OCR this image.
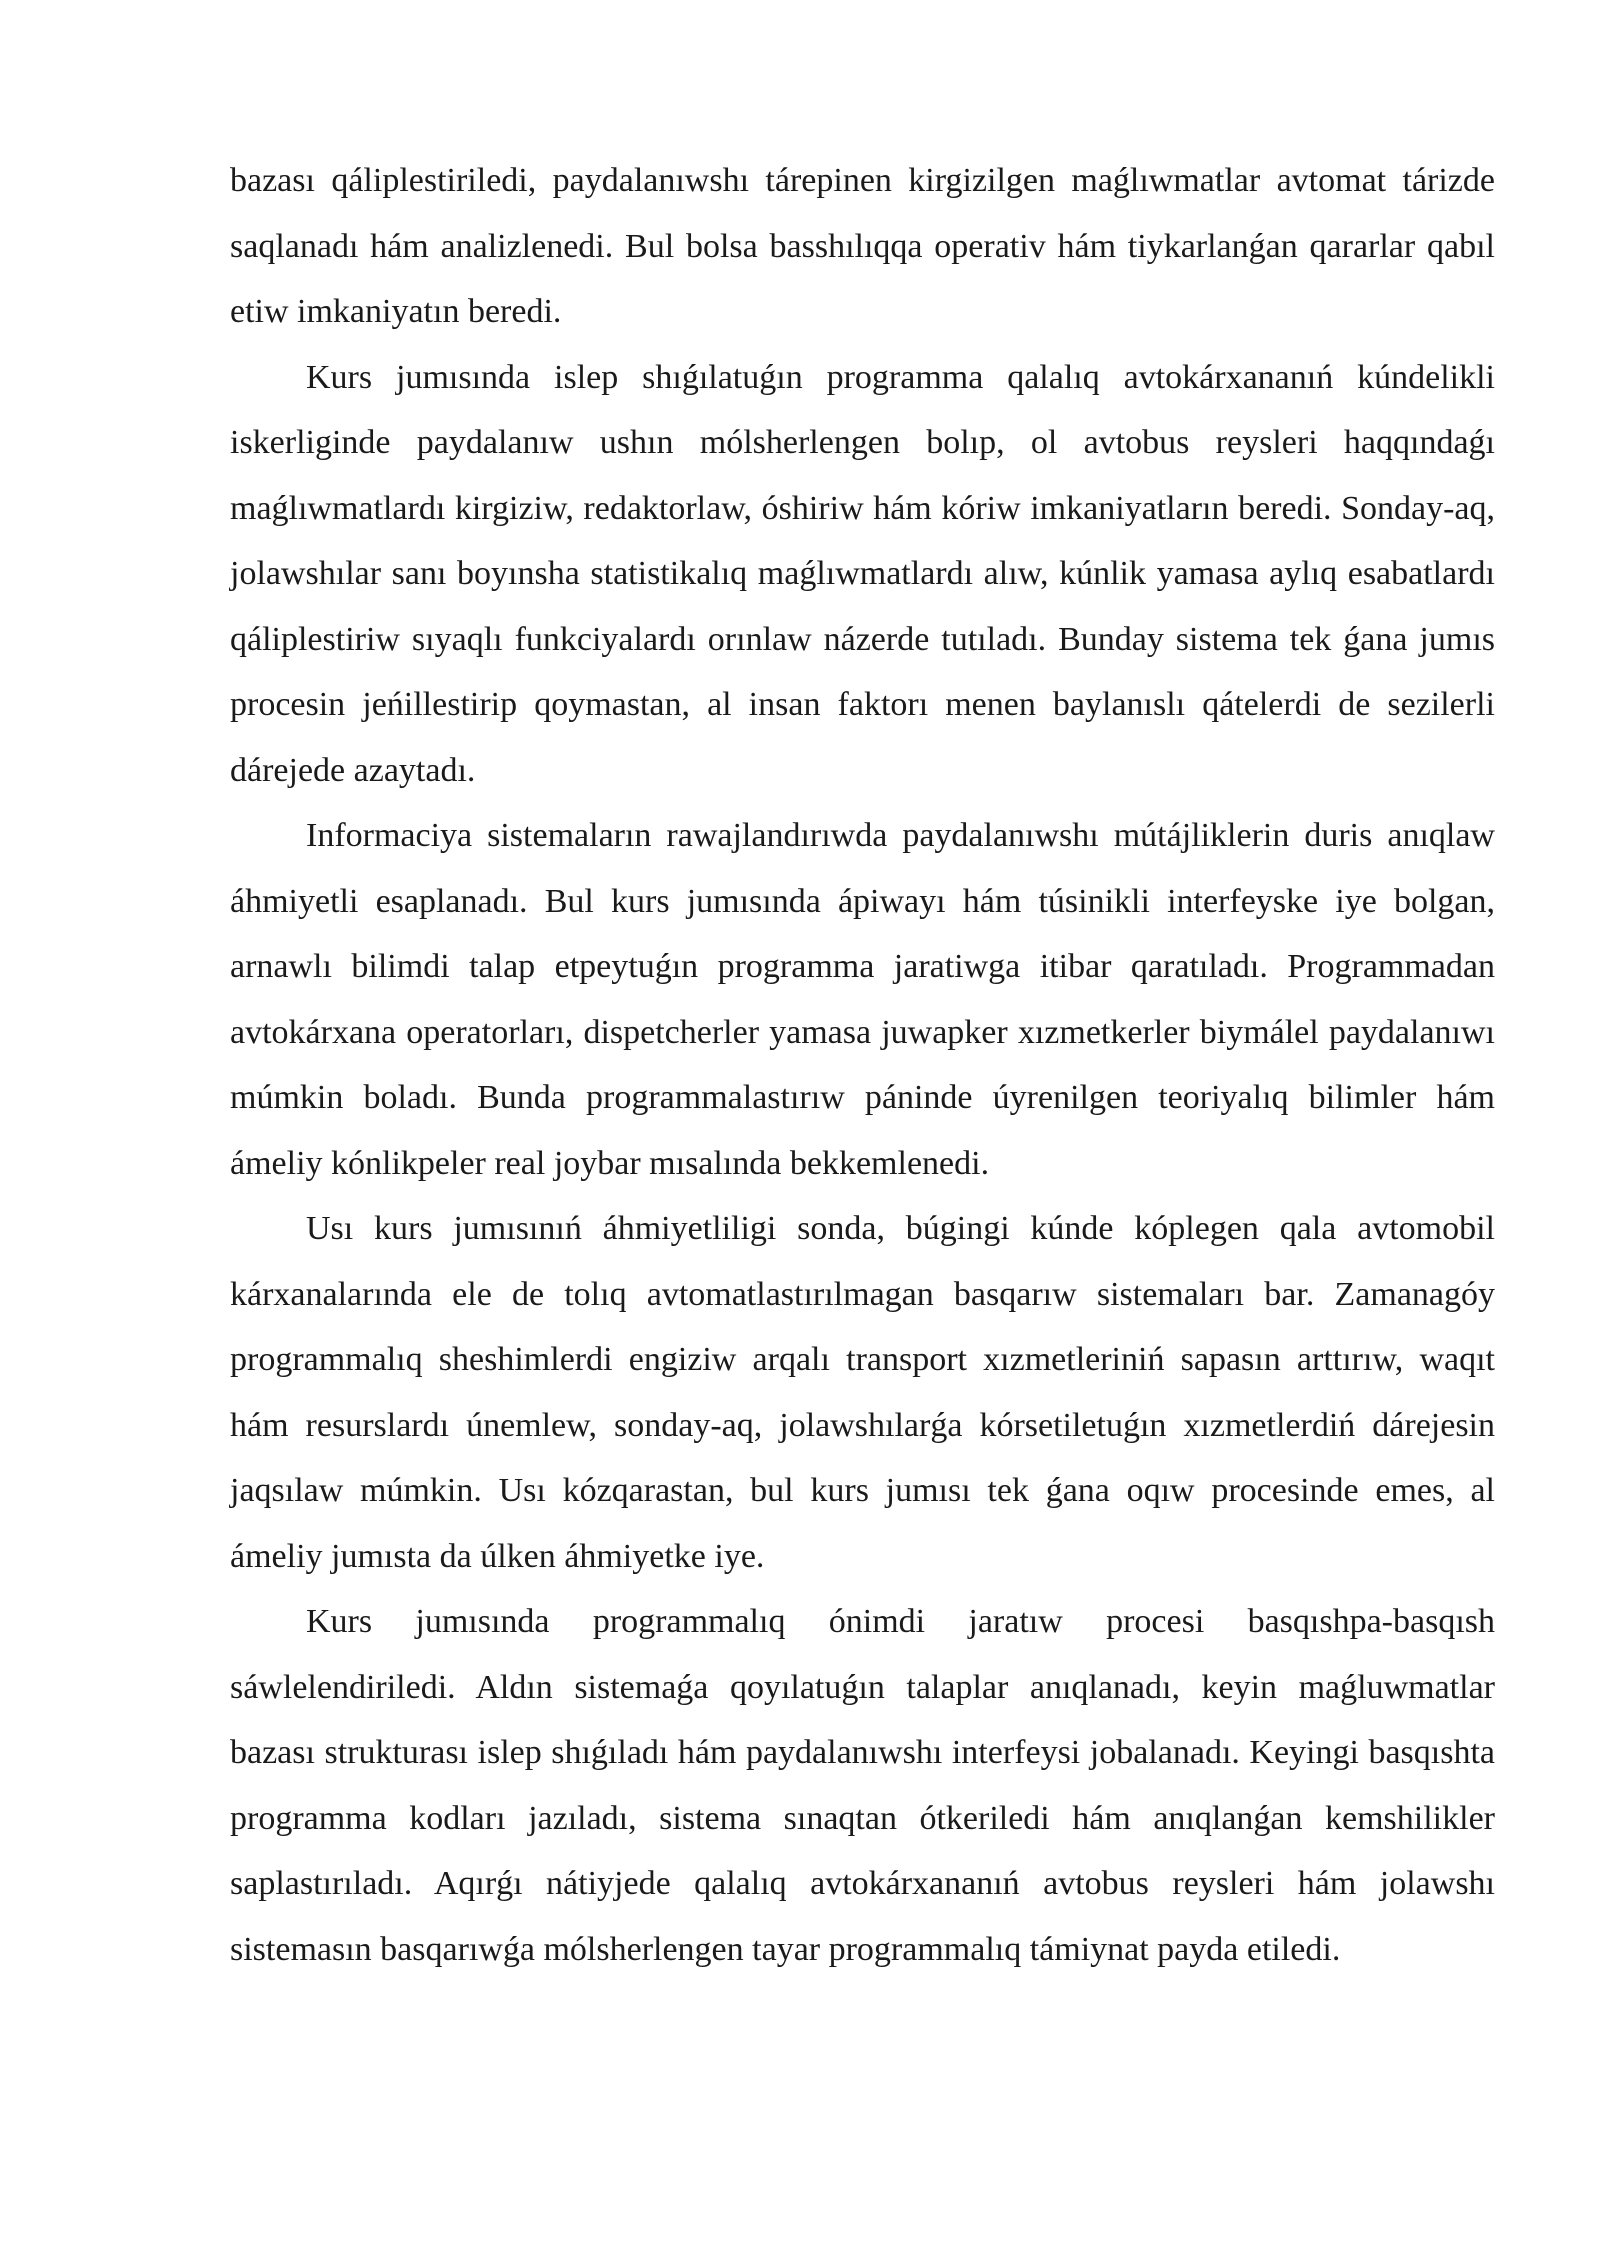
bazası qáliplestiriledi, paydalanıwshı tárepinen kirgizilgen maǵlıwmatlar avtomat tárizde saqlanadı hám analizlenedi. Bul bolsa basshılıqqa operativ hám tiykarlanǵan qararlar qabıl etiw imkaniyatın beredi.

Kurs jumısında islep shıǵılatuǵın programma qalalıq avtokárxananıń kúndelikli iskerliginde paydalanıw ushın mólsherlengen bolıp, ol avtobus reysleri haqqındaǵı maǵlıwmatlardı kirgiziw, redaktorlaw, óshiriw hám kóriw imkaniyatların beredi. Sonday-aq, jolawshılar sanı boyınsha statistikalıq maǵlıwmatlardı alıw, kúnlik yamasa aylıq esabatlardı qáliplestiriw sıyaqlı funkciyalardı orınlaw názerde tutıladı. Bunday sistema tek ǵana jumıs procesin jeńillestirip qoymastan, al insan faktorı menen baylanıslı qátelerdi de sezilerli dárejede azaytadı.

Informaciya sistemaların rawajlandırıwda paydalanıwshı mútájliklerin duris anıqlaw áhmiyetli esaplanadı. Bul kurs jumısında ápiwayı hám túsinikli interfeyske iye bolgan, arnawlı bilimdi talap etpeytuǵın programma jaratiwga itibar qaratıladı. Programmadan avtokárxana operatorları, dispetcherler yamasa juwapker xızmetkerler biymálel paydalanıwı múmkin boladı. Bunda programmalastırıw páninde úyrenilgen teoriyalıq bilimler hám ámeliy kónlikpeler real joybar mısalında bekkemlenedi.

Usı kurs jumısınıń áhmiyetliligi sonda, búgingi kúnde kóplegen qala avtomobil kárxanalarında ele de tolıq avtomatlastırılmagan basqarıw sistemaları bar. Zamanagóy programmalıq sheshimlerdi engiziw arqalı transport xızmetleriniń sapasın arttırıw, waqıt hám resurslardı únemlew, sonday-aq, jolawshılarǵa kórsetiletuǵın xızmetlerdiń dárejesin jaqsılaw múmkin. Usı kózqarastan, bul kurs jumısı tek ǵana oqıw procesinde emes, al ámeliy jumısta da úlken áhmiyetke iye.

Kurs jumısında programmalıq ónimdi jaratıw procesi basqıshpa-basqısh sáwlelendiriledi. Aldın sistemaǵa qoyılatuǵın talaplar anıqlanadı, keyin maǵluwmatlar bazası strukturası islep shıǵıladı hám paydalanıwshı interfeysi jobalanadı. Keyingi basqıshta programma kodları jazıladı, sistema sınaqtan ótkeriledi hám anıqlanǵan kemshilikler saplastırıladı. Aqırǵı nátiyjede qalalıq avtokárxananıń avtobus reysleri hám jolawshı sistemasın basqarıwǵa mólsherlengen tayar programmalıq támiynat payda etiledi.
